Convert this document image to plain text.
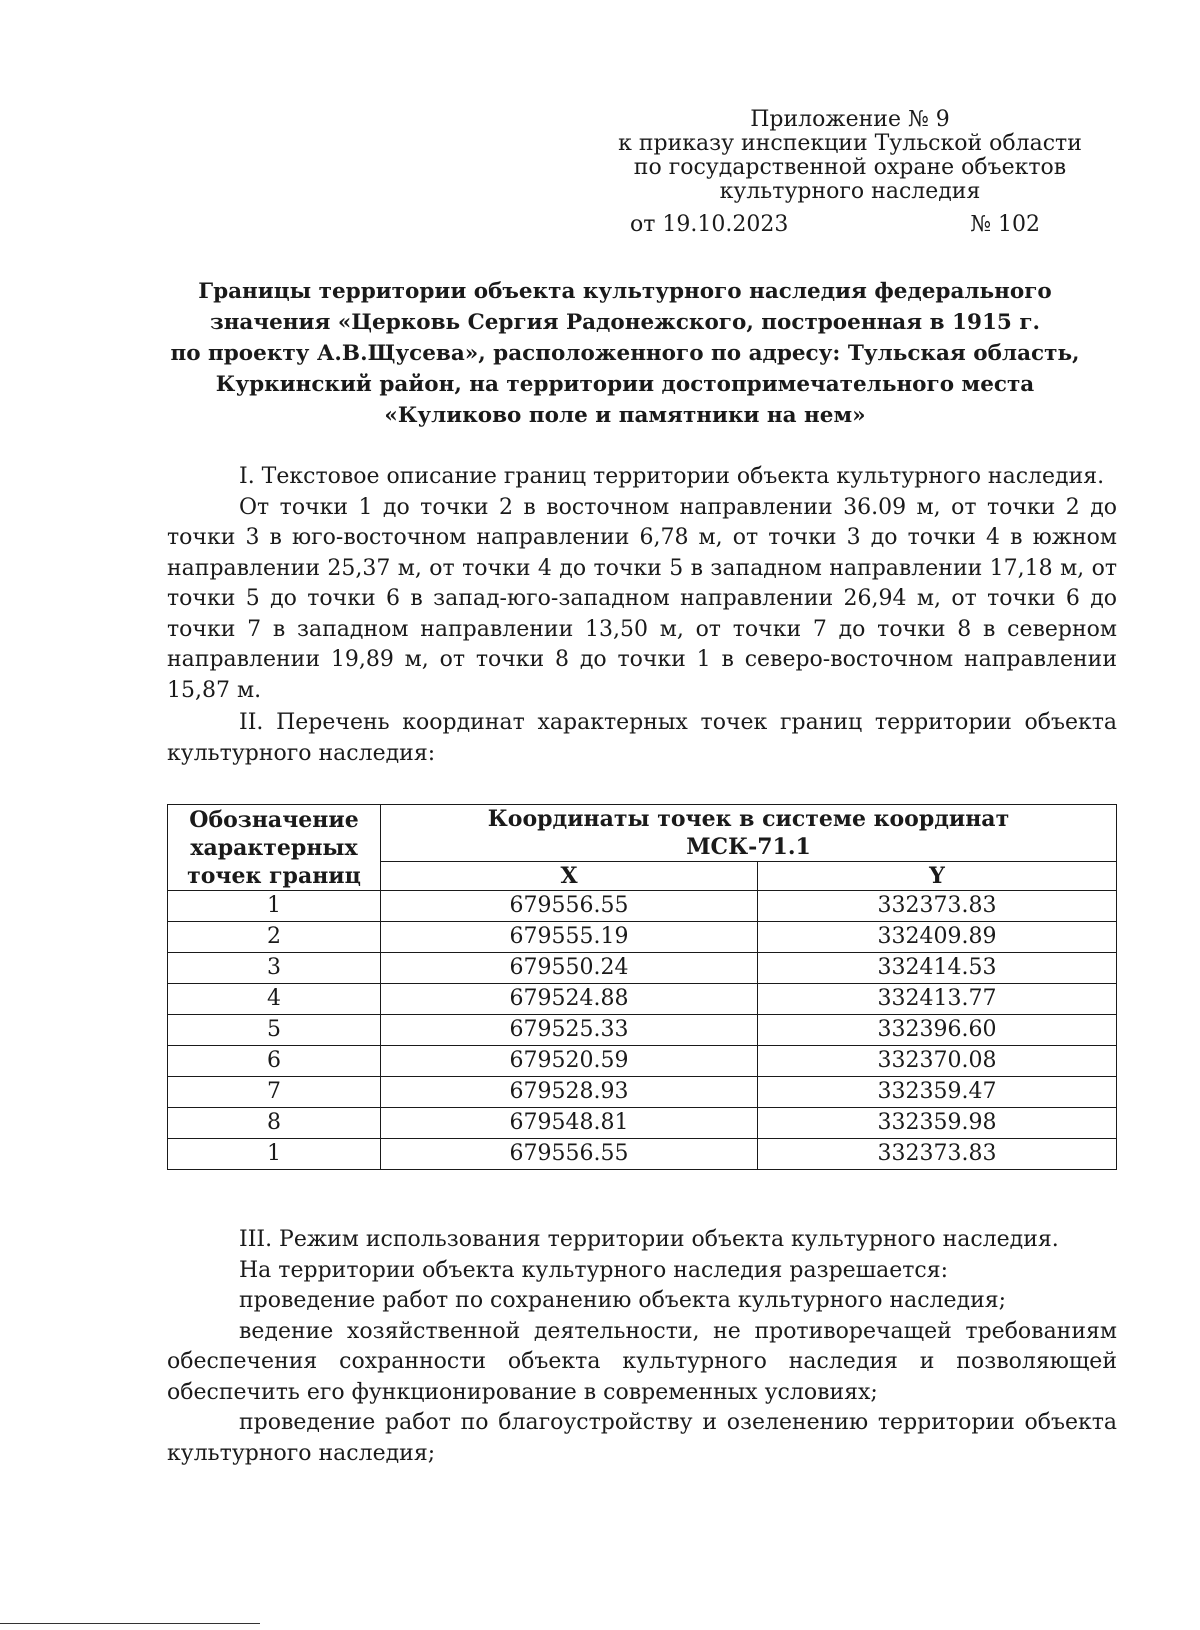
Приложение № 9
к приказу инспекции Тульской области
по государственной охране объектов
культурного наследия
от 19.10.2023	№ 102
Границы территории объекта культурного наследия федерального
значения «Церковь Сергия Радонежского, построенная в 1915 г.
по проекту А.В.Щусева», расположенного по адресу: Тульская область,
Куркинский район, на территории достопримечательного места
«Куликово поле и памятники на нем»

I. Текстовое описание границ территории объекта культурного наследия.

От точки 1 до точки 2 в восточном направлении 36.09 м, от точки 2 до точки 3 в юго-восточном направлении 6,78 м, от точки 3 до точки 4 в южном направлении 25,37 м, от точки 4 до точки 5 в западном направлении 17,18 м, от точки 5 до точки 6 в запад-юго-западном направлении 26,94 м, от точки 6 до точки 7 в западном направлении 13,50 м, от точки 7 до точки 8 в северном направлении 19,89 м, от точки 8 до точки 1 в северо-восточном направлении 15,87 м.

II. Перечень координат характерных точек границ территории объекта культурного наследия:

Обозначение характерных точек границ	Координаты точек в системе координат
МСК-71.1	
	X	Y
1	679556.55	332373.83
2	679555.19	332409.89
3	679550.24	332414.53
4	679524.88	332413.77
5	679525.33	332396.60
6	679520.59	332370.08
7	679528.93	332359.47
8	679548.81	332359.98
1	679556.55	332373.83

III. Режим использования территории объекта культурного наследия.

На территории объекта культурного наследия разрешается:

проведение работ по сохранению объекта культурного наследия;

ведение хозяйственной деятельности, не противоречащей требованиям обеспечения сохранности объекта культурного наследия и позволяющей обеспечить его функционирование в современных условиях;

проведение работ по благоустройству и озеленению территории объекта культурного наследия;
